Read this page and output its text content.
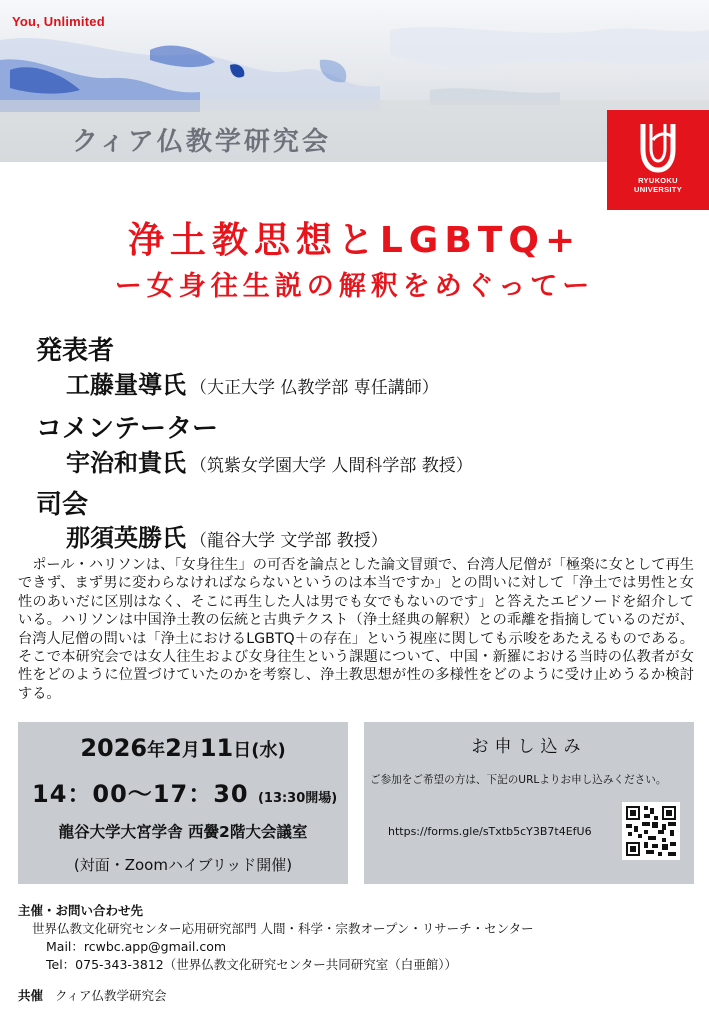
You, Unlimited
クィア仏教学研究会
RYUKOKU
UNIVERSITY
浄土教思想とLGBTQ+
ー女身往生説の解釈をめぐってー
発表者
工藤量導氏 （大正大学 仏教学部 専任講師）
コメンテーター
宇治和貴氏 （筑紫女学園大学 人間科学部 教授）
司会
那須英勝氏 （龍谷大学 文学部 教授）
ポール・ハリソンは、「女身往生」の可否を論点とした論文冒頭で、台湾人尼僧が「極楽に女として再生できず、まず男に変わらなければならないというのは本当ですか」との問いに対して「浄土では男性と女性のあいだに区別はなく、そこに再生した人は男でも女でもないのです」と答えたエピソードを紹介している。ハリソンは中国浄土教の伝統と古典テクスト（浄土経典の解釈）との乖離を指摘しているのだが、台湾人尼僧の問いは「浄土におけるLGBTQ＋の存在」という視座に関しても示唆をあたえるものである。そこで本研究会では女人往生および女身往生という課題について、中国・新羅における当時の仏教者が女性をどのように位置づけていたのかを考察し、浄土教思想が性の多様性をどのように受け止めうるか検討する。
2026年2月11日(水)
14：00～17：30 (13:30開場)
龍谷大学大宮学舎 西黌2階大会議室
(対面・Zoomハイブリッド開催)
お申し込み
ご参加をご希望の方は、下記のURLよりお申し込みください。
https://forms.gle/sTxtb5cY3B7t4EfU6
主催・お問い合わせ先
世界仏教文化研究センター応用研究部門 人間・科学・宗教オープン・リサーチ・センター
Mail：rcwbc.app@gmail.com
Tel：075-343-3812（世界仏教文化研究センター共同研究室（白亜館））
共催 クィア仏教学研究会
